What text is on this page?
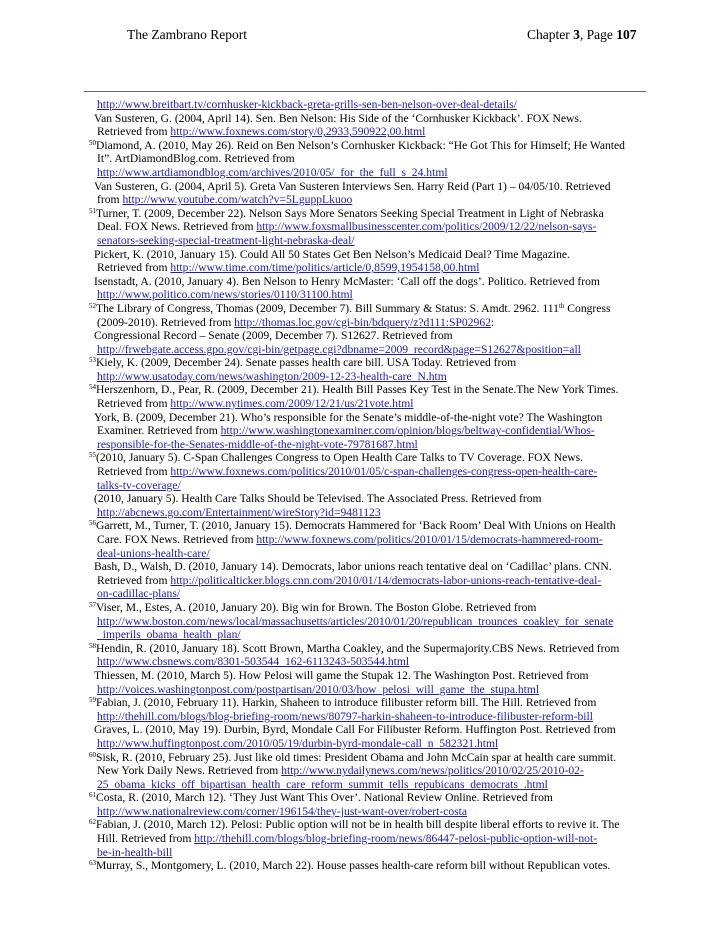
The Zambrano Report	Chapter 3, Page 107
http://www.breitbart.tv/cornhusker-kickback-greta-grills-sen-ben-nelson-over-deal-details/
Van Susteren, G. (2004, April 14). Sen. Ben Nelson: His Side of the ‘Cornhusker Kickback’. FOX News.
Retrieved from http://www.foxnews.com/story/0,2933,590922,00.html
$^{50}$Diamond, A. (2010, May 26). Reid on Ben Nelson’s Cornhusker Kickback: “He Got This for Himself; He Wanted
It”. ArtDiamondBlog.com. Retrieved from
http://www.artdiamondblog.com/archives/2010/05/_for_the_full_s_24.html
Van Susteren, G. (2004, April 5). Greta Van Susteren Interviews Sen. Harry Reid (Part 1) – 04/05/10. Retrieved
from http://www.youtube.com/watch?v=5LguppLkuoo
$^{51}$Turner, T. (2009, December 22). Nelson Says More Senators Seeking Special Treatment in Light of Nebraska
Deal. FOX News. Retrieved from http://www.foxsmallbusinesscenter.com/politics/2009/12/22/nelson-says-
senators-seeking-special-treatment-light-nebraska-deal/
Pickert, K. (2010, January 15). Could All 50 States Get Ben Nelson’s Medicaid Deal? Time Magazine.
Retrieved from http://www.time.com/time/politics/article/0,8599,1954158,00.html
Isenstadt, A. (2010, January 4). Ben Nelson to Henry McMaster: ‘Call off the dogs’. Politico. Retrieved from
http://www.politico.com/news/stories/0110/31100.html
$^{52}$The Library of Congress, Thomas (2009, December 7). Bill Summary & Status: S. Amdt. 2962. 111th Congress
(2009-2010). Retrieved from http://thomas.loc.gov/cgi-bin/bdquery/z?d111:SP02962:
Congressional Record – Senate (2009, December 7). S12627. Retrieved from
http://frwebgate.access.gpo.gov/cgi-bin/getpage.cgi?dbname=2009_record&page=S12627&position=all
$^{53}$Kiely, K. (2009, December 24). Senate passes health care bill. USA Today. Retrieved from
http://www.usatoday.com/news/washington/2009-12-23-health-care_N.htm
$^{54}$Herszenhorn, D., Pear, R. (2009, December 21). Health Bill Passes Key Test in the Senate.The New York Times.
Retrieved from http://www.nytimes.com/2009/12/21/us/21vote.html
York, B. (2009, December 21). Who’s responsible for the Senate’s middle-of-the-night vote? The Washington
Examiner. Retrieved from http://www.washingtonexaminer.com/opinion/blogs/beltway-confidential/Whos-
responsible-for-the-Senates-middle-of-the-night-vote-79781687.html
$^{55}$(2010, January 5). C-Span Challenges Congress to Open Health Care Talks to TV Coverage. FOX News.
Retrieved from http://www.foxnews.com/politics/2010/01/05/c-span-challenges-congress-open-health-care-
talks-tv-coverage/
(2010, January 5). Health Care Talks Should be Televised. The Associated Press. Retrieved from
http://abcnews.go.com/Entertainment/wireStory?id=9481123
$^{56}$Garrett, M., Turner, T. (2010, January 15). Democrats Hammered for ‘Back Room’ Deal With Unions on Health
Care. FOX News. Retrieved from http://www.foxnews.com/politics/2010/01/15/democrats-hammered-room-
deal-unions-health-care/
Bash, D., Walsh, D. (2010, January 14). Democrats, labor unions reach tentative deal on ‘Cadillac’ plans. CNN.
Retrieved from http://politicalticker.blogs.cnn.com/2010/01/14/democrats-labor-unions-reach-tentative-deal-
on-cadillac-plans/
$^{57}$Viser, M., Estes, A. (2010, January 20). Big win for Brown. The Boston Globe. Retrieved from
http://www.boston.com/news/local/massachusetts/articles/2010/01/20/republican_trounces_coakley_for_senate
_imperils_obama_health_plan/
$^{58}$Hendin, R. (2010, January 18). Scott Brown, Martha Coakley, and the Supermajority.CBS News. Retrieved from
http://www.cbsnews.com/8301-503544_162-6113243-503544.html
Thiessen, M. (2010, March 5). How Pelosi will game the Stupak 12. The Washington Post. Retrieved from
http://voices.washingtonpost.com/postpartisan/2010/03/how_pelosi_will_game_the_stupa.html
$^{59}$Fabian, J. (2010, February 11). Harkin, Shaheen to introduce filibuster reform bill. The Hill. Retrieved from
http://thehill.com/blogs/blog-briefing-room/news/80797-harkin-shaheen-to-introduce-filibuster-reform-bill
Graves, L. (2010, May 19). Durbin, Byrd, Mondale Call For Filibuster Reform. Huffington Post. Retrieved from
http://www.huffingtonpost.com/2010/05/19/durbin-byrd-mondale-call_n_582321.html
$^{60}$Sisk, R. (2010, February 25). Just like old times: President Obama and John McCain spar at health care summit.
New York Daily News. Retrieved from http://www.nydailynews.com/news/politics/2010/02/25/2010-02-
25_obama_kicks_off_bipartisan_health_care_reform_summit_tells_repubicans_democrats_.html
$^{61}$Costa, R. (2010, March 12). ‘They Just Want This Over’. National Review Online. Retrieved from
http://www.nationalreview.com/corner/196154/they-just-want-over/robert-costa
$^{62}$Fabian, J. (2010, March 12). Pelosi: Public option will not be in health bill despite liberal efforts to revive it. The
Hill. Retrieved from http://thehill.com/blogs/blog-briefing-room/news/86447-pelosi-public-option-will-not-
be-in-health-bill
$^{63}$Murray, S., Montgomery, L. (2010, March 22). House passes health-care reform bill without Republican votes.
